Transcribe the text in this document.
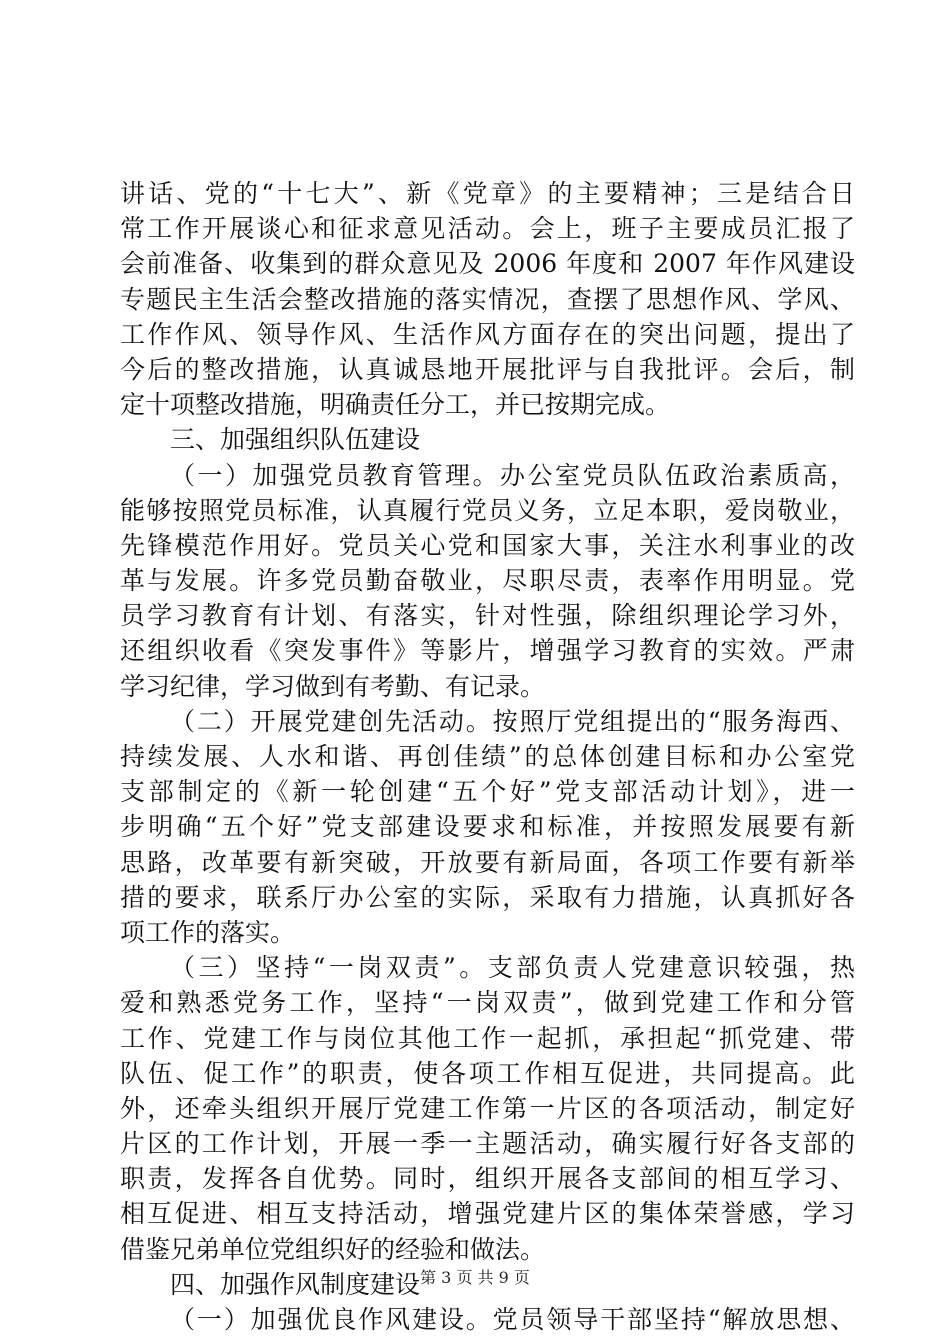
讲话、党的“十七大”、新《党章》的主要精神；三是结合日
常工作开展谈心和征求意见活动。会上，班子主要成员汇报了
会前准备、收集到的群众意见及 2006 年度和 2007 年作风建设
专题民主生活会整改措施的落实情况，查摆了思想作风、学风、
工作作风、领导作风、生活作风方面存在的突出问题，提出了
今后的整改措施，认真诚恳地开展批评与自我批评。会后，制
定十项整改措施，明确责任分工，并已按期完成。
三、加强组织队伍建设
（一）加强党员教育管理。办公室党员队伍政治素质高，
能够按照党员标准，认真履行党员义务，立足本职，爱岗敬业，
先锋模范作用好。党员关心党和国家大事，关注水利事业的改
革与发展。许多党员勤奋敬业，尽职尽责，表率作用明显。党
员学习教育有计划、有落实，针对性强，除组织理论学习外，
还组织收看《突发事件》等影片，增强学习教育的实效。严肃
学习纪律，学习做到有考勤、有记录。
（二）开展党建创先活动。按照厅党组提出的“服务海西、
持续发展、人水和谐、再创佳绩”的总体创建目标和办公室党
支部制定的《新一轮创建“五个好”党支部活动计划》，进一
步明确“五个好”党支部建设要求和标准，并按照发展要有新
思路，改革要有新突破，开放要有新局面，各项工作要有新举
措的要求，联系厅办公室的实际，采取有力措施，认真抓好各
项工作的落实。
（三）坚持“一岗双责”。支部负责人党建意识较强，热
爱和熟悉党务工作，坚持“一岗双责”，做到党建工作和分管
工作、党建工作与岗位其他工作一起抓，承担起“抓党建、带
队伍、促工作”的职责，使各项工作相互促进，共同提高。此
外，还牵头组织开展厅党建工作第一片区的各项活动，制定好
片区的工作计划，开展一季一主题活动，确实履行好各支部的
职责，发挥各自优势。同时，组织开展各支部间的相互学习、
相互促进、相互支持活动，增强党建片区的集体荣誉感，学习
借鉴兄弟单位党组织好的经验和做法。
四、加强作风制度建设
（一）加强优良作风建设。党员领导干部坚持“解放思想、
第 3 页 共 9 页
